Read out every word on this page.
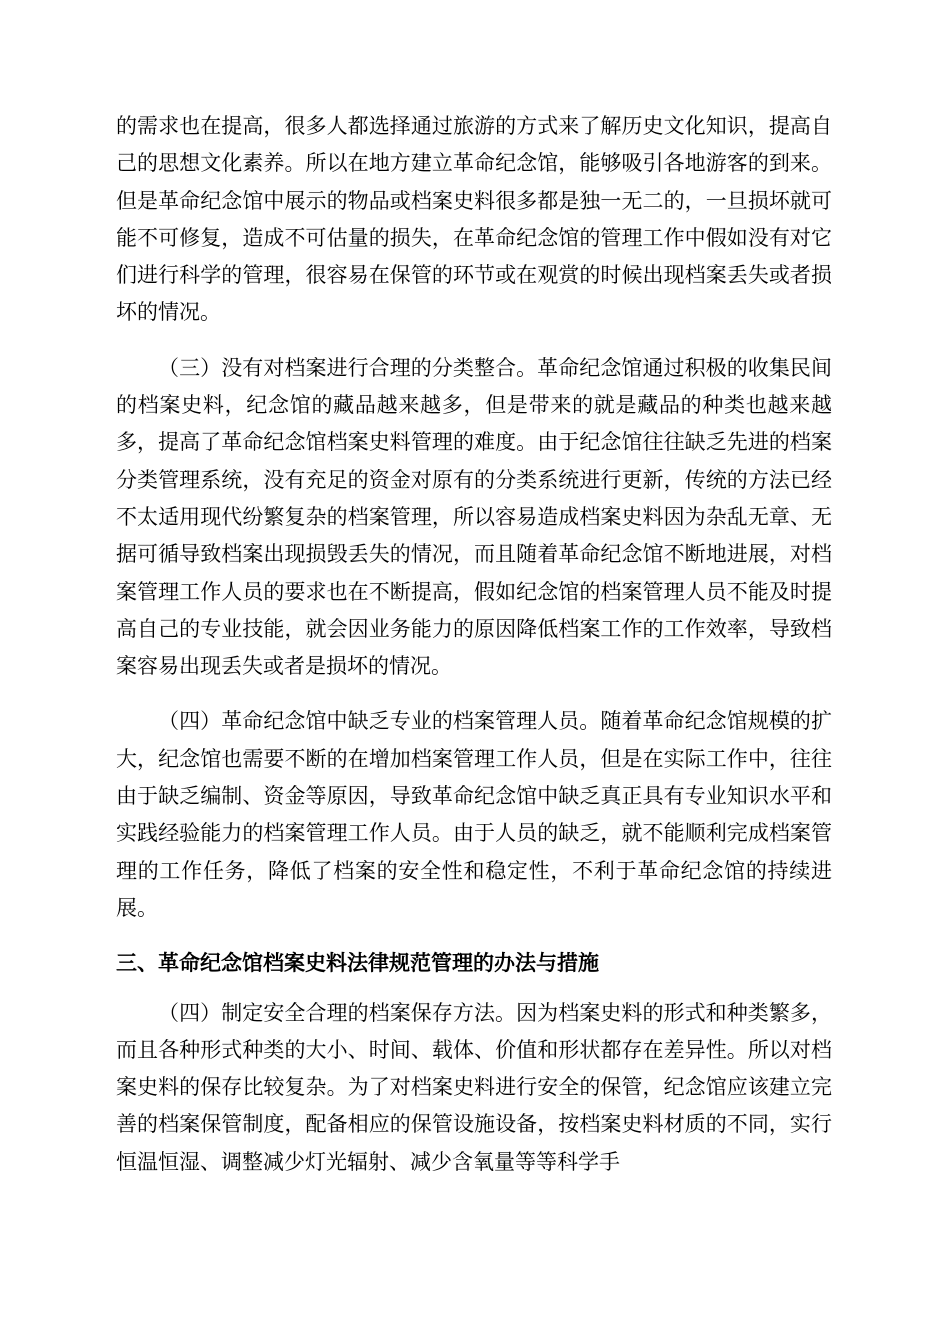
的需求也在提高，很多人都选择通过旅游的方式来了解历史文化知识，提高自己的思想文化素养。所以在地方建立革命纪念馆，能够吸引各地游客的到来。但是革命纪念馆中展示的物品或档案史料很多都是独一无二的，一旦损坏就可能不可修复，造成不可估量的损失，在革命纪念馆的管理工作中假如没有对它们进行科学的管理，很容易在保管的环节或在观赏的时候出现档案丢失或者损坏的情况。

（三）没有对档案进行合理的分类整合。革命纪念馆通过积极的收集民间的档案史料，纪念馆的藏品越来越多，但是带来的就是藏品的种类也越来越多，提高了革命纪念馆档案史料管理的难度。由于纪念馆往往缺乏先进的档案分类管理系统，没有充足的资金对原有的分类系统进行更新，传统的方法已经不太适用现代纷繁复杂的档案管理，所以容易造成档案史料因为杂乱无章、无据可循导致档案出现损毁丢失的情况，而且随着革命纪念馆不断地进展，对档案管理工作人员的要求也在不断提高，假如纪念馆的档案管理人员不能及时提高自己的专业技能，就会因业务能力的原因降低档案工作的工作效率，导致档案容易出现丢失或者是损坏的情况。

（四）革命纪念馆中缺乏专业的档案管理人员。随着革命纪念馆规模的扩大，纪念馆也需要不断的在增加档案管理工作人员，但是在实际工作中，往往由于缺乏编制、资金等原因，导致革命纪念馆中缺乏真正具有专业知识水平和实践经验能力的档案管理工作人员。由于人员的缺乏，就不能顺利完成档案管理的工作任务，降低了档案的安全性和稳定性，不利于革命纪念馆的持续进展。

三、革命纪念馆档案史料法律规范管理的办法与措施

（四）制定安全合理的档案保存方法。因为档案史料的形式和种类繁多，而且各种形式种类的大小、时间、载体、价值和形状都存在差异性。所以对档案史料的保存比较复杂。为了对档案史料进行安全的保管，纪念馆应该建立完善的档案保管制度，配备相应的保管设施设备，按档案史料材质的不同，实行恒温恒湿、调整减少灯光辐射、减少含氧量等等科学手
